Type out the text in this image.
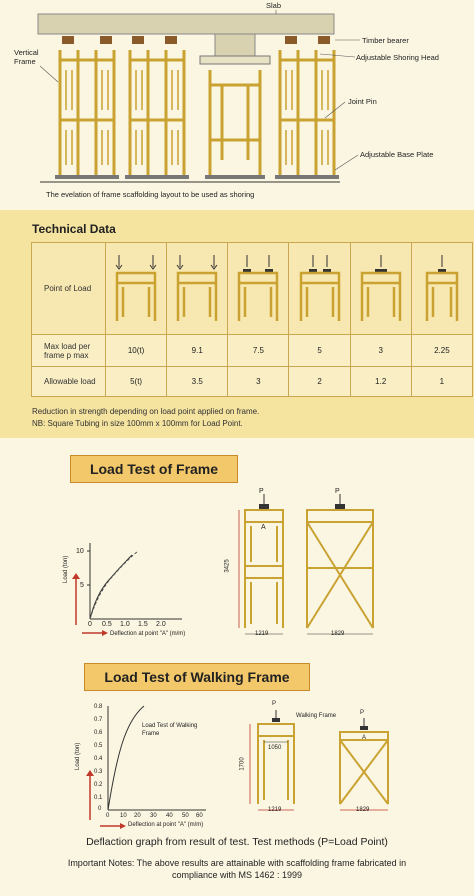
Slab
Vertical
Frame
Timber bearer
Adjustable Shoring Head
Joint Pin
Adjustable Base Plate
The evelation of frame scaffolding layout to be used as shoring
Technical Data
Point of Load						
Max load per frame p max	10(t)	9.1	7.5	5	3	2.25
Allowable load	5(t)	3.5	3	2	1.2	1
Reduction in strength depending on load point applied on frame.
NB: Square Tubing in size 100mm x 100mm for Load Point.
Load Test of Frame
10
5
0 0.5 1.0 1.5 2.0
Deflection at point "A" (m/m)
Load (ton)
P	P
A
3425
1219	1829
Load Test of Walking Frame
Load Test of Walking Frame
0.8
0.7
0.6
0.5
0.4
0.3
0.2
0.1
0
0 10 20 30 40 50 60
Deflection at point "A" (m/m)
Load (ton)
P
P
Walking Frame
A
1050
1700
1219	1829
Deflaction graph from result of test. Test methods (P=Load Point)
Important Notes: The above results are attainable with scaffolding frame fabricated in
compliance with MS 1462 : 1999
